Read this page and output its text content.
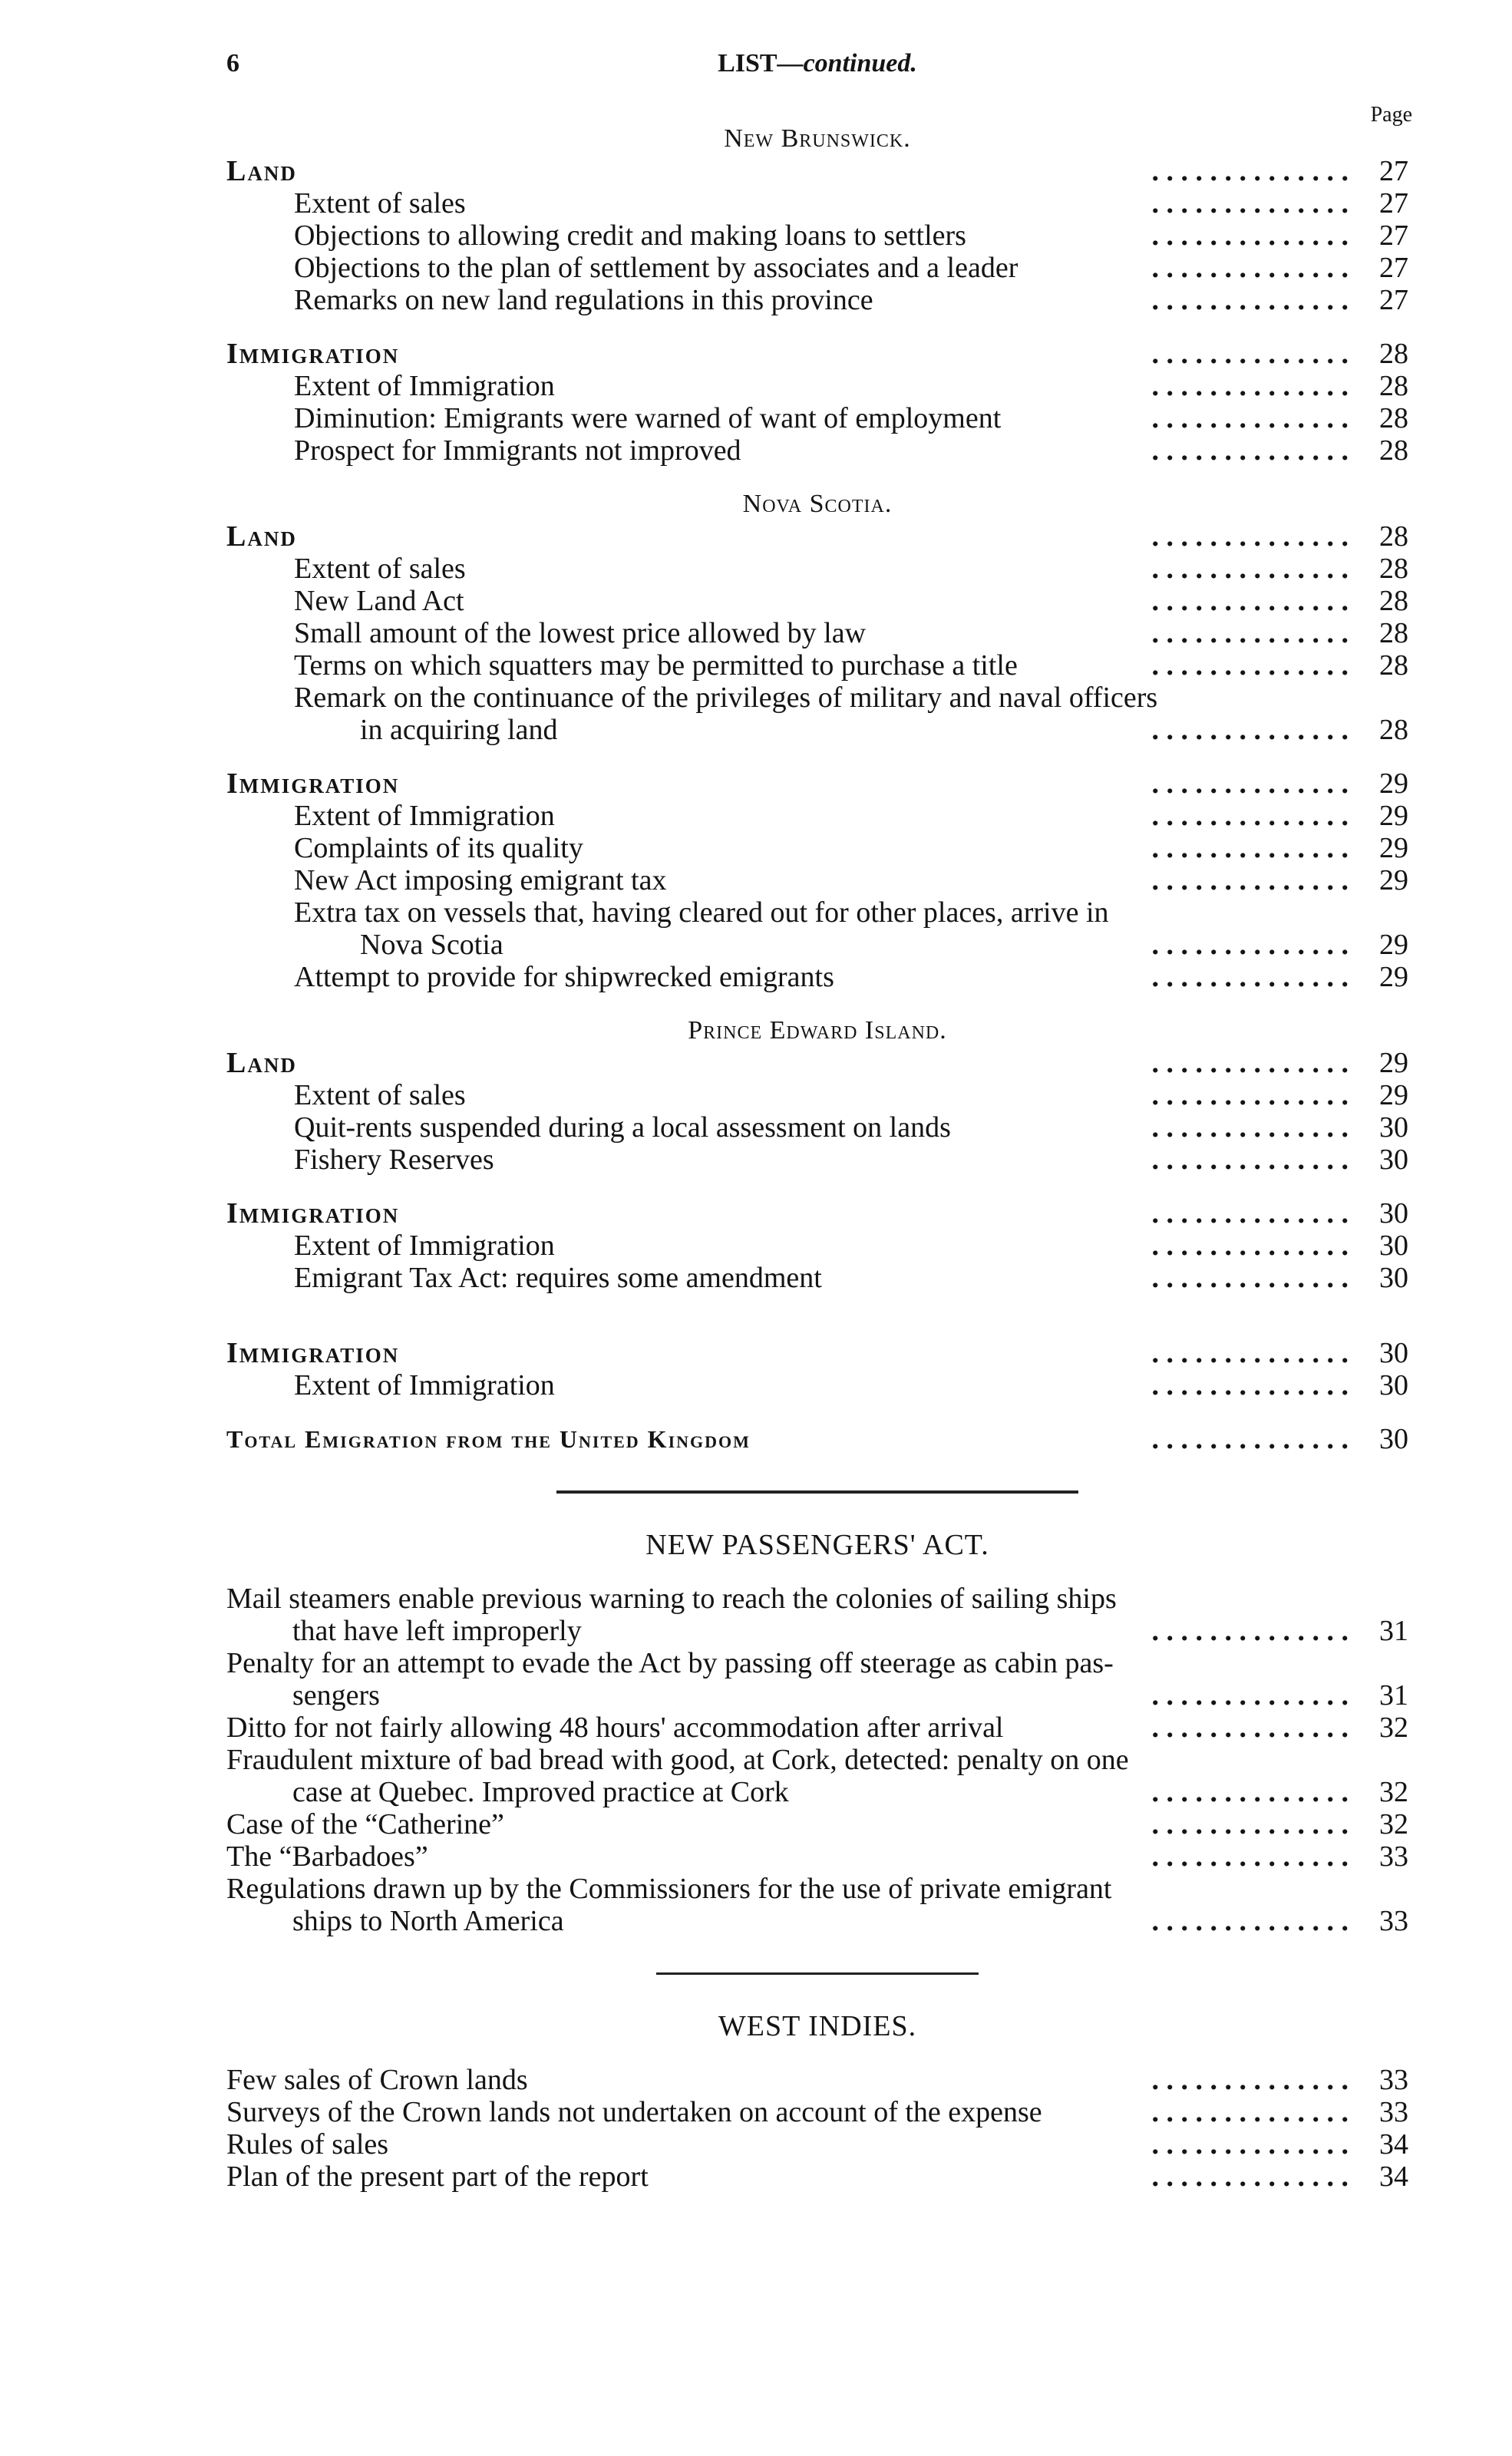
6	LIST—continued.
Page
New Brunswick.
Land	. . . . . . . . . . . . . .	27
Extent of sales	. . . . . . . . . . . . . .	27
Objections to allowing credit and making loans to settlers	. . . . . . . . . . . . . .	27
Objections to the plan of settlement by associates and a leader	. . . . . . . . . . . . . .	27
Remarks on new land regulations in this province	. . . . . . . . . . . . . .	27
Immigration	. . . . . . . . . . . . . .	28
Extent of Immigration	. . . . . . . . . . . . . .	28
Diminution: Emigrants were warned of want of employment	. . . . . . . . . . . . . .	28
Prospect for Immigrants not improved	. . . . . . . . . . . . . .	28
Nova Scotia.
Land	. . . . . . . . . . . . . .	28
Extent of sales	. . . . . . . . . . . . . .	28
New Land Act	. . . . . . . . . . . . . .	28
Small amount of the lowest price allowed by law	. . . . . . . . . . . . . .	28
Terms on which squatters may be permitted to purchase a title	. . . . . . . . . . . . . .	28
Remark on the continuance of the privileges of military and naval officers
in acquiring land	. . . . . . . . . . . . . .	28
Immigration	. . . . . . . . . . . . . .	29
Extent of Immigration	. . . . . . . . . . . . . .	29
Complaints of its quality	. . . . . . . . . . . . . .	29
New Act imposing emigrant tax	. . . . . . . . . . . . . .	29
Extra tax on vessels that, having cleared out for other places, arrive in
Nova Scotia	. . . . . . . . . . . . . .	29
Attempt to provide for shipwrecked emigrants	. . . . . . . . . . . . . .	29
Prince Edward Island.
Land	. . . . . . . . . . . . . .	29
Extent of sales	. . . . . . . . . . . . . .	29
Quit-rents suspended during a local assessment on lands	. . . . . . . . . . . . . .	30
Fishery Reserves	. . . . . . . . . . . . . .	30
Immigration	. . . . . . . . . . . . . .	30
Extent of Immigration	. . . . . . . . . . . . . .	30
Emigrant Tax Act: requires some amendment	. . . . . . . . . . . . . .	30
Immigration	. . . . . . . . . . . . . .	30
Extent of Immigration	. . . . . . . . . . . . . .	30
Total Emigration from the United Kingdom	. . . . . . . . . . . . . .	30
NEW PASSENGERS' ACT.
Mail steamers enable previous warning to reach the colonies of sailing ships
that have left improperly	. . . . . . . . . . . . . .	31
Penalty for an attempt to evade the Act by passing off steerage as cabin pas-
sengers	. . . . . . . . . . . . . .	31
Ditto for not fairly allowing 48 hours' accommodation after arrival	. . . . . . . . . . . . . .	32
Fraudulent mixture of bad bread with good, at Cork, detected: penalty on one
case at Quebec. Improved practice at Cork	. . . . . . . . . . . . . .	32
Case of the “Catherine”	. . . . . . . . . . . . . .	32
The “Barbadoes”	. . . . . . . . . . . . . .	33
Regulations drawn up by the Commissioners for the use of private emigrant
ships to North America	. . . . . . . . . . . . . .	33
WEST INDIES.
Few sales of Crown lands	. . . . . . . . . . . . . .	33
Surveys of the Crown lands not undertaken on account of the expense	. . . . . . . . . . . . . .	33
Rules of sales	. . . . . . . . . . . . . .	34
Plan of the present part of the report	. . . . . . . . . . . . . .	34
